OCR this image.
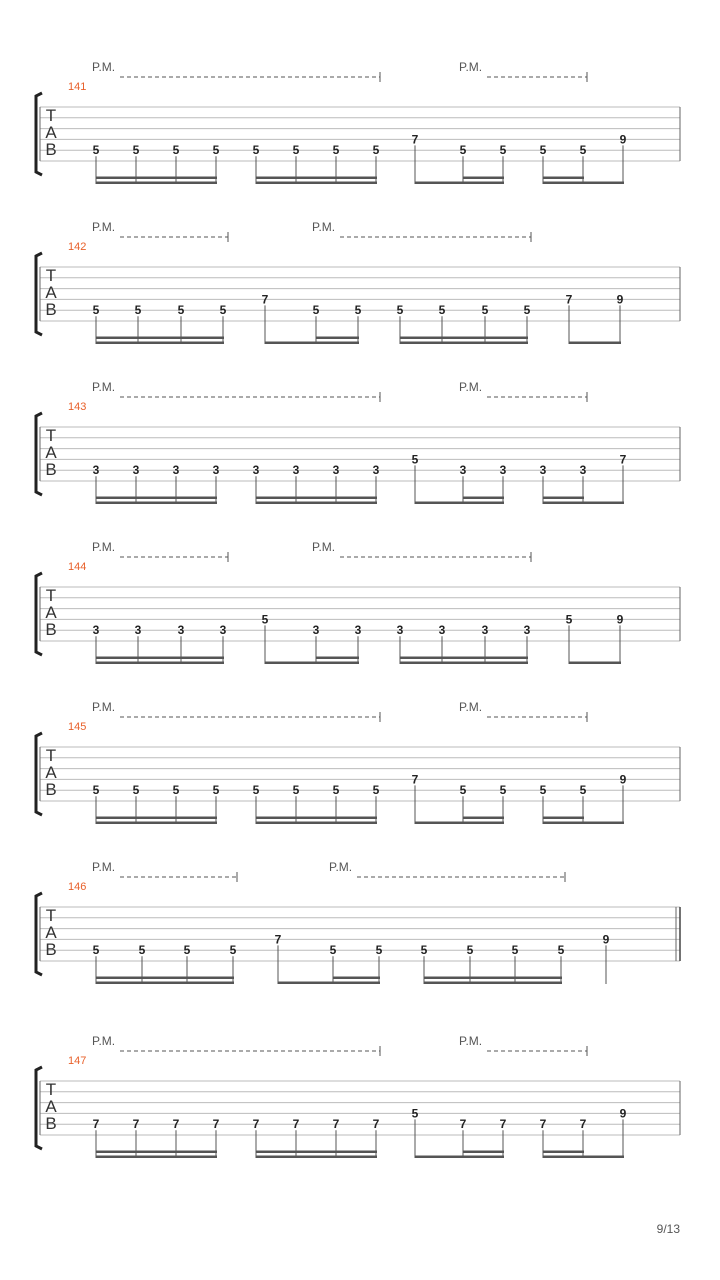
P.M.	P.M.
141
T
A
B	5	5	5	5	5	5	5	5
7
5	5	5	5
9
P.M.	P.M.
142
T
A
B	5	5	5	5
7
5	5	5	5	5	5
7	9
P.M.	P.M.
143
T
A
B	3	3	3	3	3	3	3	3
5
3	3	3	3
7
P.M.	P.M.
144
T
A
B	3	3	3	3
5
3	3	3	3	3	3
5	9
P.M.	P.M.
145
T
A
B	5	5	5	5	5	5	5	5
7
5	5	5	5
9
P.M.	P.M.
146
T
A
B	5	5	5	5
7
5	5	5	5	5	5
9
P.M.	P.M.
147
T
A
B	7	7	7	7	7	7	7	7
5
7	7	7	7
9
9/13
